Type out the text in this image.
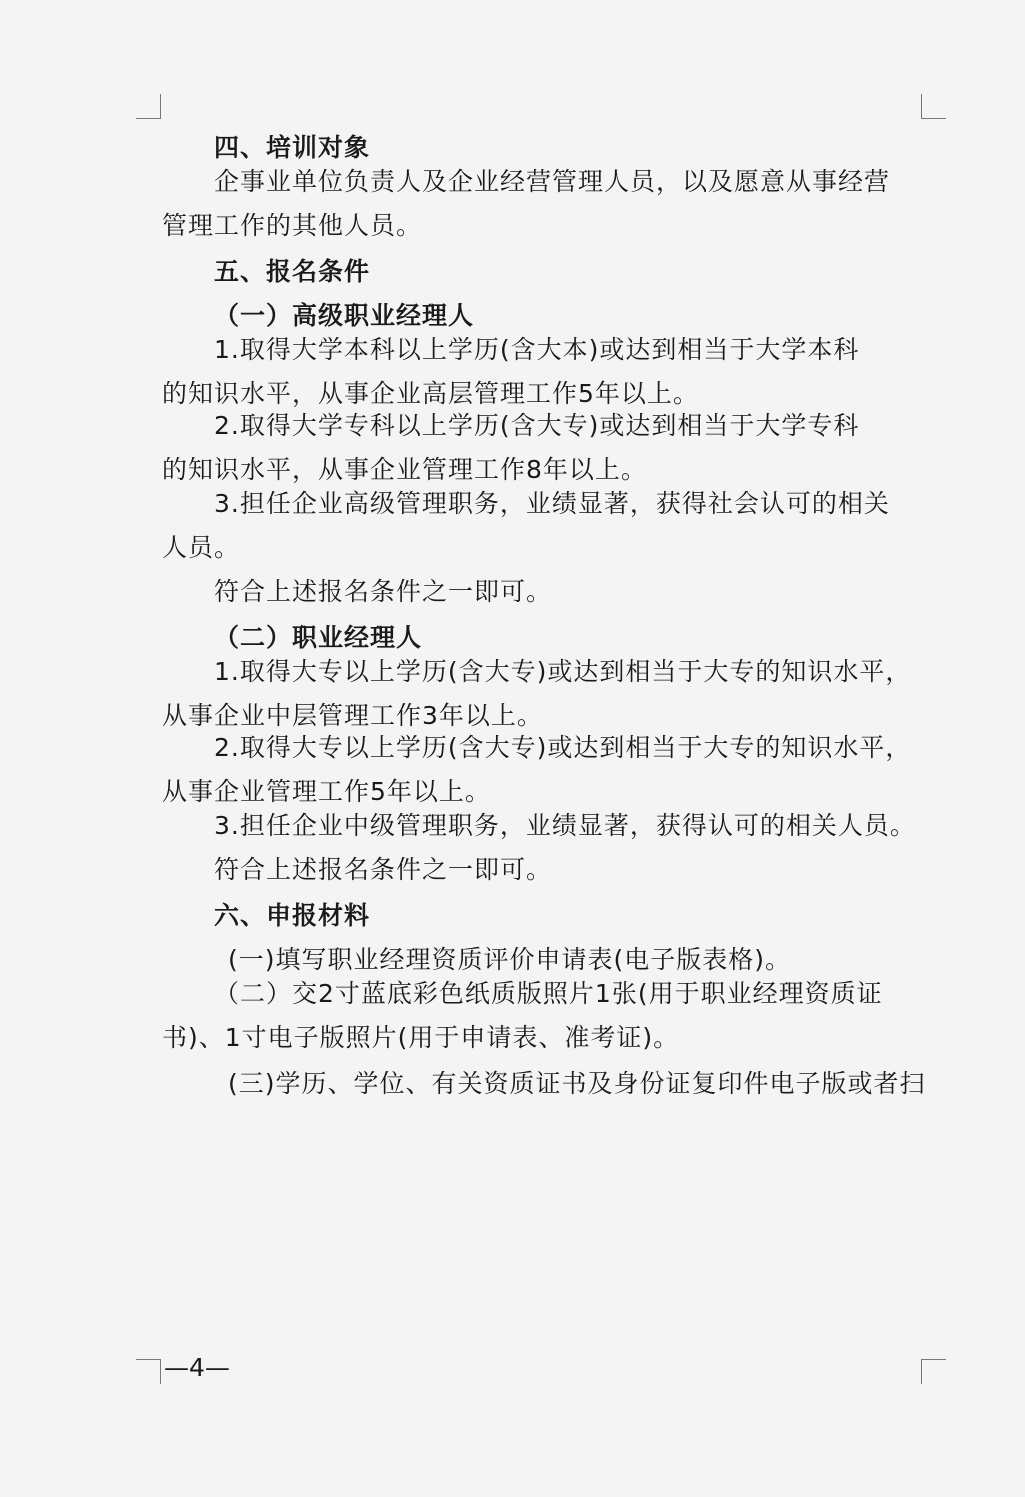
四、培训对象
企事业单位负责人及企业经营管理人员，以及愿意从事经营
管理工作的其他人员。
五、报名条件
（一）高级职业经理人
1.取得大学本科以上学历(含大本)或达到相当于大学本科
的知识水平，从事企业高层管理工作5年以上。
2.取得大学专科以上学历(含大专)或达到相当于大学专科
的知识水平，从事企业管理工作8年以上。
3.担任企业高级管理职务，业绩显著，获得社会认可的相关
人员。
符合上述报名条件之一即可。
（二）职业经理人
1.取得大专以上学历(含大专)或达到相当于大专的知识水平，
从事企业中层管理工作3年以上。
2.取得大专以上学历(含大专)或达到相当于大专的知识水平，
从事企业管理工作5年以上。
3.担任企业中级管理职务，业绩显著，获得认可的相关人员。
符合上述报名条件之一即可。
六、申报材料
(一)填写职业经理资质评价申请表(电子版表格)。
（二）交2寸蓝底彩色纸质版照片1张(用于职业经理资质证
书)、1寸电子版照片(用于申请表、准考证)。
(三)学历、学位、有关资质证书及身份证复印件电子版或者扫
—4—
